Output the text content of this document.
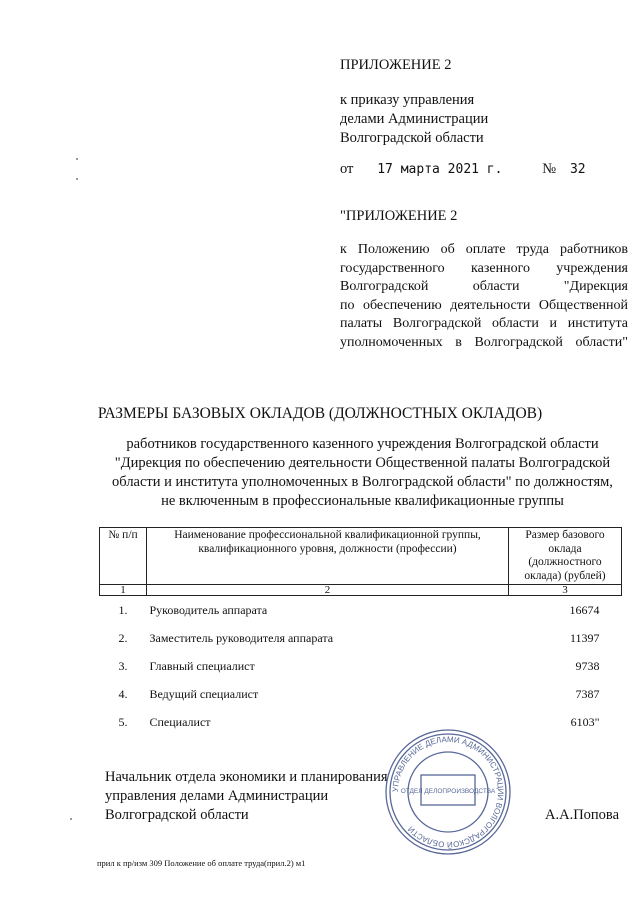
ПРИЛОЖЕНИЕ 2
к приказу управления
делами Администрации
Волгоградской области
от 17 марта 2021 г.	№ 32
"ПРИЛОЖЕНИЕ 2
к Положению об оплате труда работников
государственного казенного учреждения
Волгоградской области "Дирекция
по обеспечению деятельности Общественной
палаты Волгоградской области и института
уполномоченных в Волгоградской области"
РАЗМЕРЫ БАЗОВЫХ ОКЛАДОВ (ДОЛЖНОСТНЫХ ОКЛАДОВ)
работников государственного казенного учреждения Волгоградской области
"Дирекция по обеспечению деятельности Общественной палаты Волгоградской
области и института уполномоченных в Волгоградской области" по должностям,
не включенным в профессиональные квалификационные группы
№ п/п	Наименование профессиональной квалификационной группы, квалификационного уровня, должности (профессии)	Размер базового оклада (должностного оклада) (рублей)
1	2	3
1.	Руководитель аппарата	16674
2.	Заместитель руководителя аппарата	11397
3.	Главный специалист	9738
4.	Ведущий специалист	7387
5.	Специалист	6103"
УПРАВЛЕНИЕ ДЕЛАМИ АДМИНИСТРАЦИИ ВОЛГОГРАДСКОЙ ОБЛАСТИ
ОТДЕЛ ДЕЛОПРОИЗВОДСТВА
Начальник отдела экономики и планирования
управления делами Администрации
Волгоградской области	А.А.Попова
прил к пр/изм 309 Положение об оплате труда(прил.2) м1
